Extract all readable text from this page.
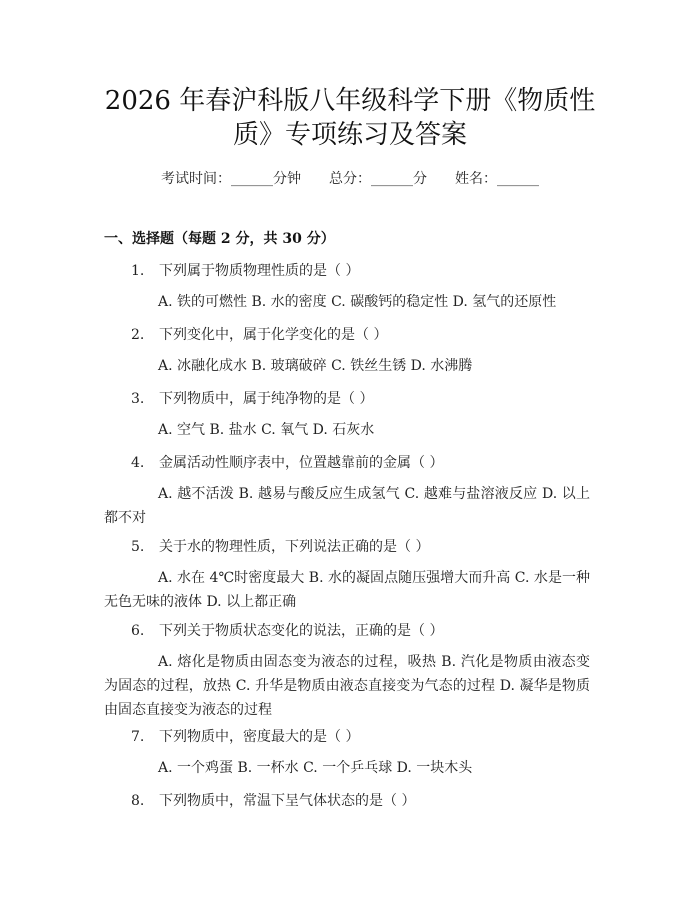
2026 年春沪科版八年级科学下册《物质性
质》专项练习及答案
考试时间：______分钟 总分：______分 姓名：______
一、选择题（每题 2 分，共 30 分）
1. 下列属于物质物理性质的是（ ）
A. 铁的可燃性 B. 水的密度 C. 碳酸钙的稳定性 D. 氢气的还原性
2. 下列变化中，属于化学变化的是（ ）
A. 冰融化成水 B. 玻璃破碎 C. 铁丝生锈 D. 水沸腾
3. 下列物质中，属于纯净物的是（ ）
A. 空气 B. 盐水 C. 氧气 D. 石灰水
4. 金属活动性顺序表中，位置越靠前的金属（ ）
A. 越不活泼 B. 越易与酸反应生成氢气 C. 越难与盐溶液反应 D. 以上都不对
5. 关于水的物理性质，下列说法正确的是（ ）
A. 水在 4℃时密度最大 B. 水的凝固点随压强增大而升高 C. 水是一种无色无味的液体 D. 以上都正确
6. 下列关于物质状态变化的说法，正确的是（ ）
A. 熔化是物质由固态变为液态的过程，吸热 B. 汽化是物质由液态变为固态的过程，放热 C. 升华是物质由液态直接变为气态的过程 D. 凝华是物质由固态直接变为液态的过程
7. 下列物质中，密度最大的是（ ）
A. 一个鸡蛋 B. 一杯水 C. 一个乒乓球 D. 一块木头
8. 下列物质中，常温下呈气体状态的是（ ）
